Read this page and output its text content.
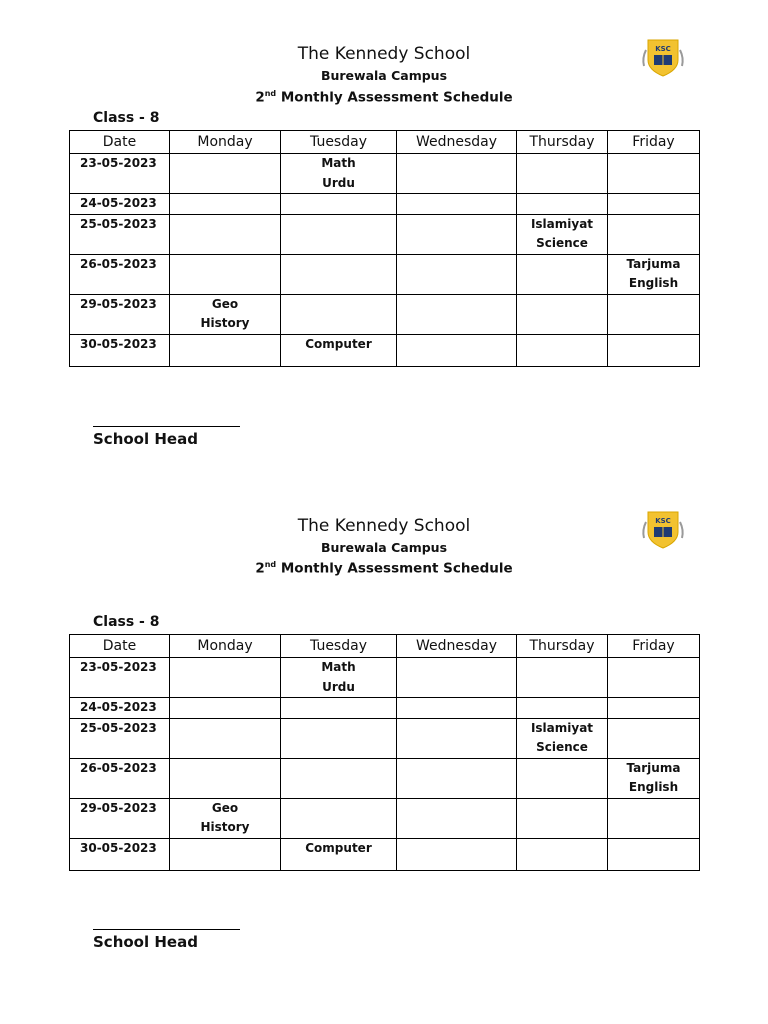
The Kennedy School
Burewala Campus
2nd Monthly Assessment Schedule
KSC
Class - 8
Date	Monday	Tuesday	Wednesday	Thursday	Friday
23-05-2023		Math
Urdu			
24-05-2023					
25-05-2023				Islamiyat
Science	
26-05-2023					Tarjuma
English
29-05-2023	Geo
History				
30-05-2023		Computer			
School Head
The Kennedy School
Burewala Campus
2nd Monthly Assessment Schedule
KSC
Class - 8
Date	Monday	Tuesday	Wednesday	Thursday	Friday
23-05-2023		Math
Urdu			
24-05-2023					
25-05-2023				Islamiyat
Science	
26-05-2023					Tarjuma
English
29-05-2023	Geo
History				
30-05-2023		Computer			
School Head
